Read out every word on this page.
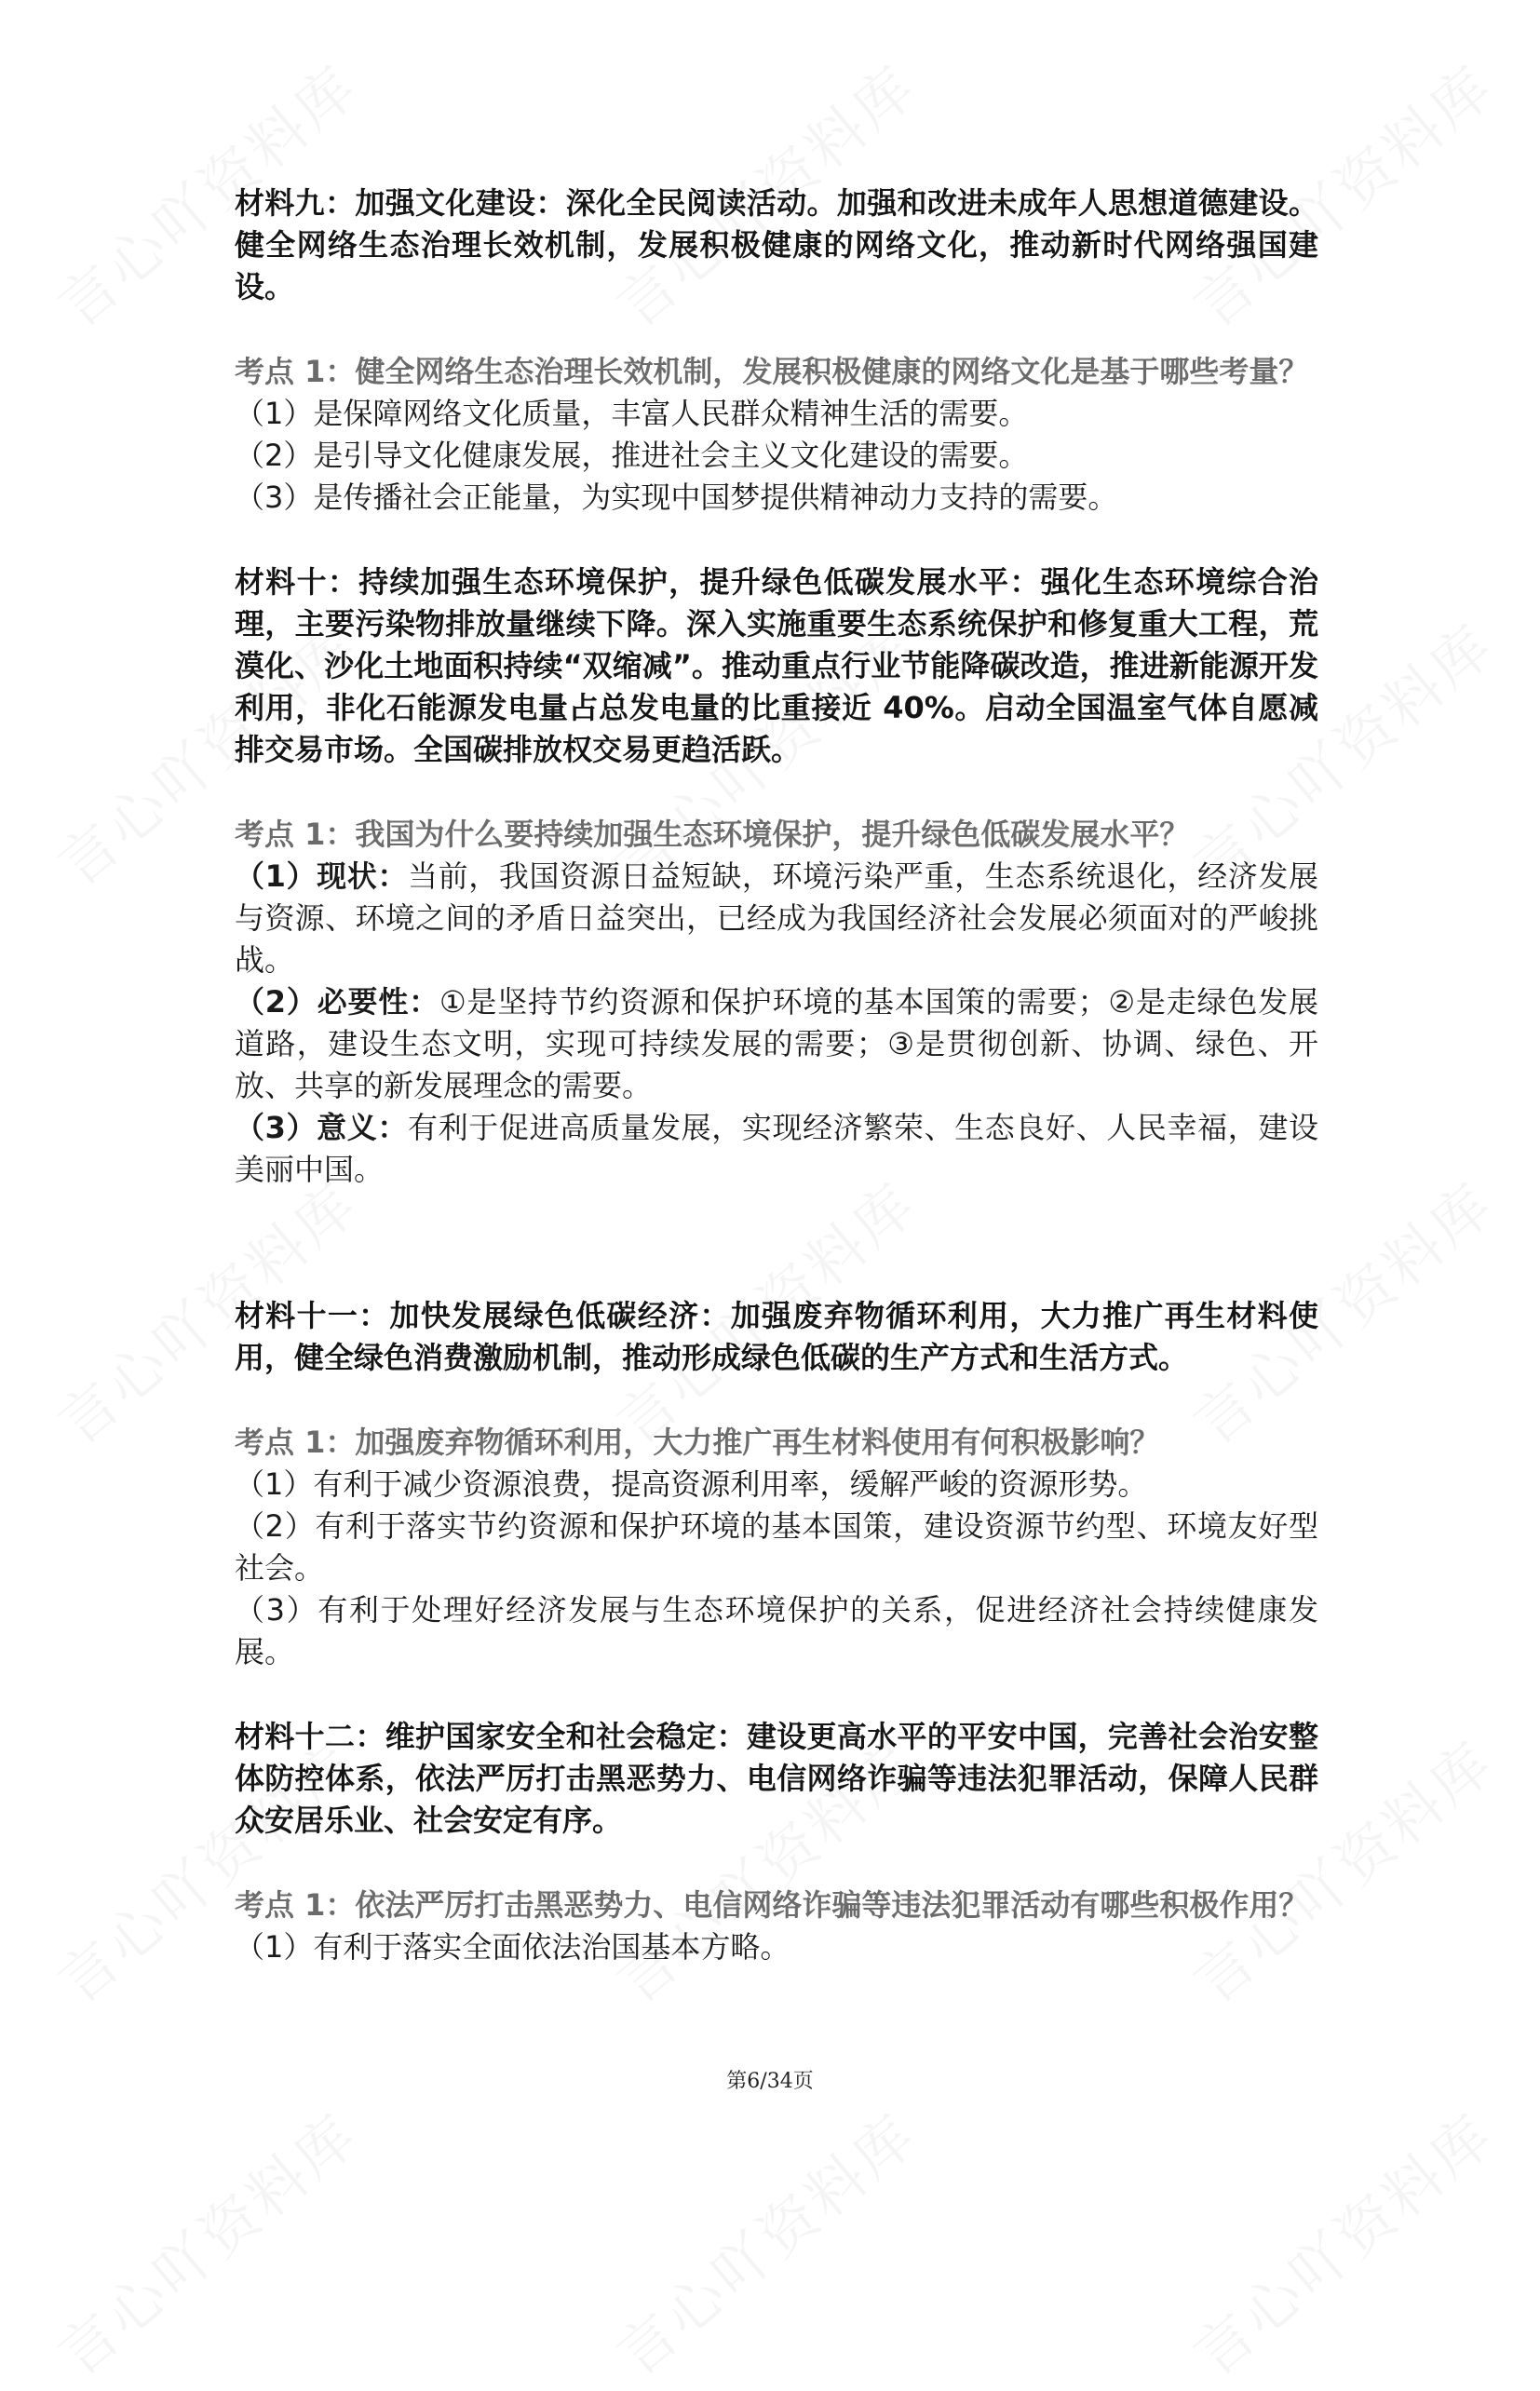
材料九：加强文化建设：深化全民阅读活动。加强和改进未成年人思想道德建设。健全网络生态治理长效机制，发展积极健康的网络文化，推动新时代网络强国建设。

考点 1：健全网络生态治理长效机制，发展积极健康的网络文化是基于哪些考量？

（1）是保障网络文化质量，丰富人民群众精神生活的需要。

（2）是引导文化健康发展，推进社会主义文化建设的需要。

（3）是传播社会正能量，为实现中国梦提供精神动力支持的需要。

材料十：持续加强生态环境保护，提升绿色低碳发展水平：强化生态环境综合治理，主要污染物排放量继续下降。深入实施重要生态系统保护和修复重大工程，荒漠化、沙化土地面积持续“双缩减”。推动重点行业节能降碳改造，推进新能源开发利用，非化石能源发电量占总发电量的比重接近 40%。启动全国温室气体自愿减排交易市场。全国碳排放权交易更趋活跃。

考点 1：我国为什么要持续加强生态环境保护，提升绿色低碳发展水平？

（1）现状：当前，我国资源日益短缺，环境污染严重，生态系统退化，经济发展与资源、环境之间的矛盾日益突出，已经成为我国经济社会发展必须面对的严峻挑战。

（2）必要性：①是坚持节约资源和保护环境的基本国策的需要；②是走绿色发展道路，建设生态文明，实现可持续发展的需要；③是贯彻创新、协调、绿色、开放、共享的新发展理念的需要。

（3）意义：有利于促进高质量发展，实现经济繁荣、生态良好、人民幸福，建设美丽中国。

材料十一：加快发展绿色低碳经济：加强废弃物循环利用，大力推广再生材料使用，健全绿色消费激励机制，推动形成绿色低碳的生产方式和生活方式。

考点 1：加强废弃物循环利用，大力推广再生材料使用有何积极影响？

（1）有利于减少资源浪费，提高资源利用率，缓解严峻的资源形势。

（2）有利于落实节约资源和保护环境的基本国策，建设资源节约型、环境友好型社会。

（3）有利于处理好经济发展与生态环境保护的关系，促进经济社会持续健康发展。

材料十二：维护国家安全和社会稳定：建设更高水平的平安中国，完善社会治安整体防控体系，依法严厉打击黑恶势力、电信网络诈骗等违法犯罪活动，保障人民群众安居乐业、社会安定有序。

考点 1：依法严厉打击黑恶势力、电信网络诈骗等违法犯罪活动有哪些积极作用？

（1）有利于落实全面依法治国基本方略。

第6/34页
